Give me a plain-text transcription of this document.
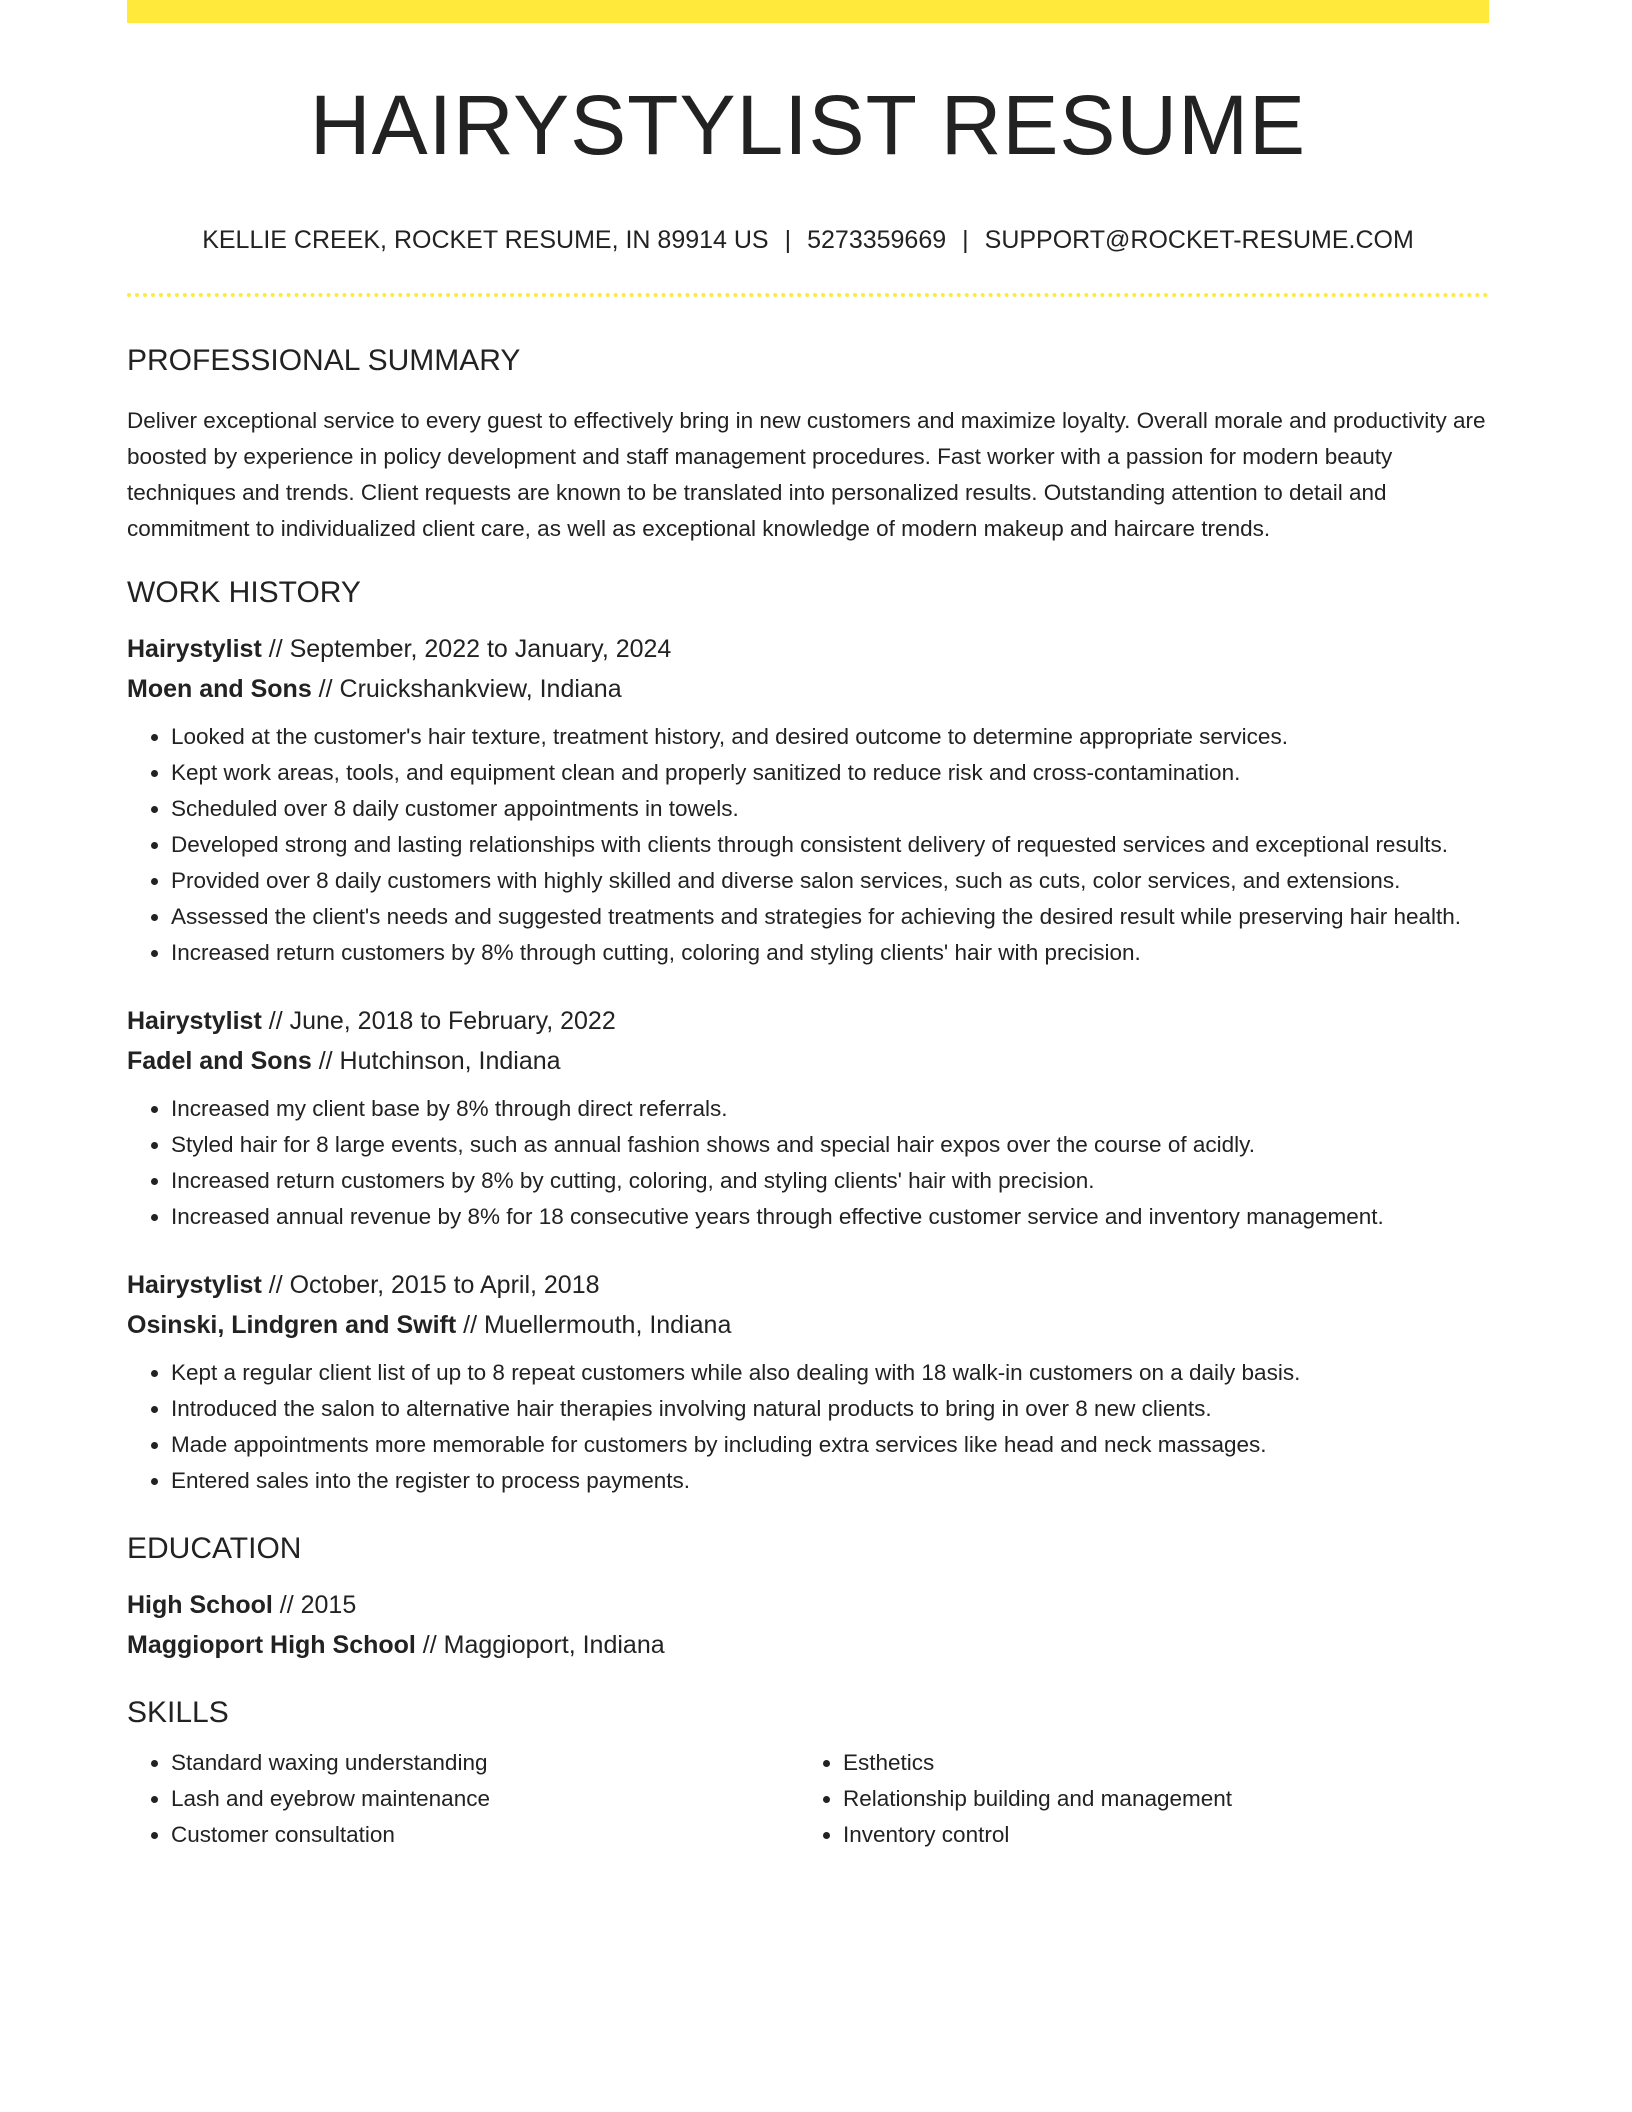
HAIRYSTYLIST RESUME
KELLIE CREEK, ROCKET RESUME, IN 89914 US | 5273359669 | SUPPORT@ROCKET-RESUME.COM
PROFESSIONAL SUMMARY
Deliver exceptional service to every guest to effectively bring in new customers and maximize loyalty. Overall morale and productivity are boosted by experience in policy development and staff management procedures. Fast worker with a passion for modern beauty techniques and trends. Client requests are known to be translated into personalized results. Outstanding attention to detail and commitment to individualized client care, as well as exceptional knowledge of modern makeup and haircare trends.
WORK HISTORY
Hairystylist // September, 2022 to January, 2024
Moen and Sons // Cruickshankview, Indiana
• Looked at the customer's hair texture, treatment history, and desired outcome to determine appropriate services.
• Kept work areas, tools, and equipment clean and properly sanitized to reduce risk and cross-contamination.
• Scheduled over 8 daily customer appointments in towels.
• Developed strong and lasting relationships with clients through consistent delivery of requested services and exceptional results.
• Provided over 8 daily customers with highly skilled and diverse salon services, such as cuts, color services, and extensions.
• Assessed the client's needs and suggested treatments and strategies for achieving the desired result while preserving hair health.
• Increased return customers by 8% through cutting, coloring and styling clients' hair with precision.
Hairystylist // June, 2018 to February, 2022
Fadel and Sons // Hutchinson, Indiana
• Increased my client base by 8% through direct referrals.
• Styled hair for 8 large events, such as annual fashion shows and special hair expos over the course of acidly.
• Increased return customers by 8% by cutting, coloring, and styling clients' hair with precision.
• Increased annual revenue by 8% for 18 consecutive years through effective customer service and inventory management.
Hairystylist // October, 2015 to April, 2018
Osinski, Lindgren and Swift // Muellermouth, Indiana
• Kept a regular client list of up to 8 repeat customers while also dealing with 18 walk-in customers on a daily basis.
• Introduced the salon to alternative hair therapies involving natural products to bring in over 8 new clients.
• Made appointments more memorable for customers by including extra services like head and neck massages.
• Entered sales into the register to process payments.
EDUCATION
High School // 2015
Maggioport High School // Maggioport, Indiana
SKILLS
• Standard waxing understanding
• Lash and eyebrow maintenance
• Customer consultation
• Esthetics
• Relationship building and management
• Inventory control
